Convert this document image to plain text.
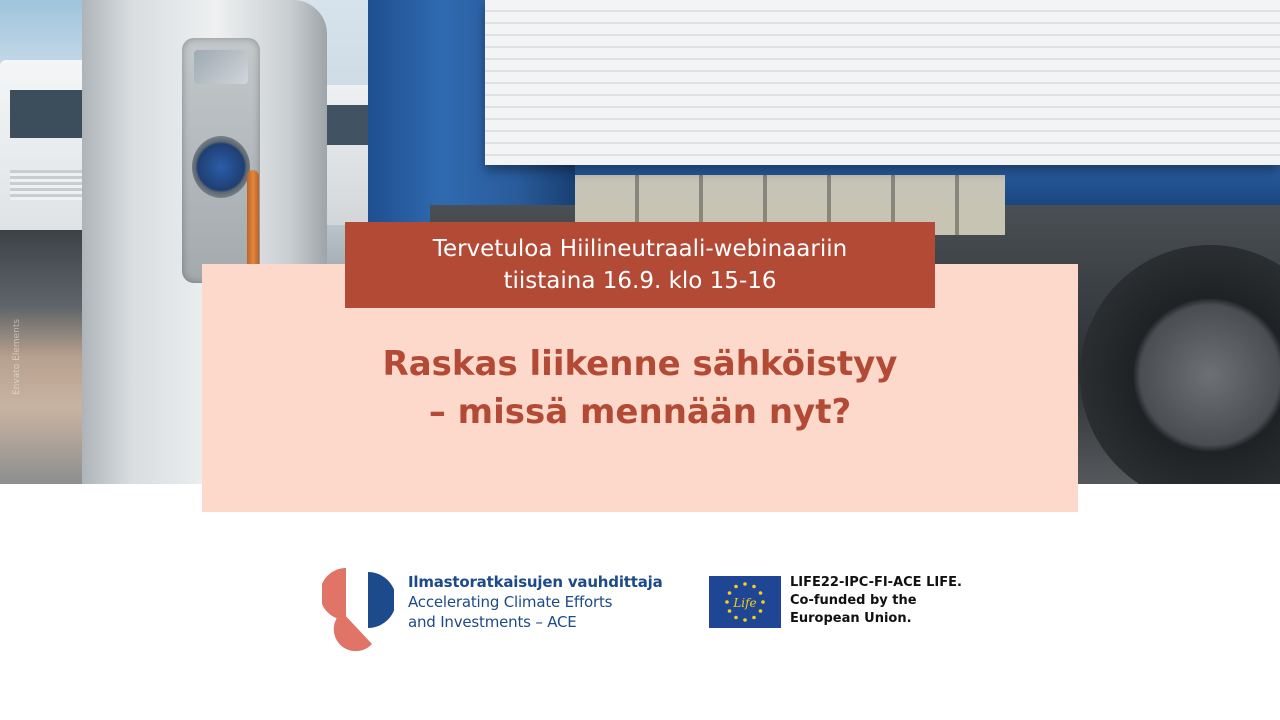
Envato Elements
Tervetuloa Hiilineutraali-webinaariin
tiistaina 16.9. klo 15-16
Raskas liikenne sähköistyy
– missä mennään nyt?
Ilmastoratkaisujen vauhdittaja
Accelerating Climate Efforts
and Investments – ACE
Life
LIFE22-IPC-FI-ACE LIFE.
Co-funded by the
European Union.
